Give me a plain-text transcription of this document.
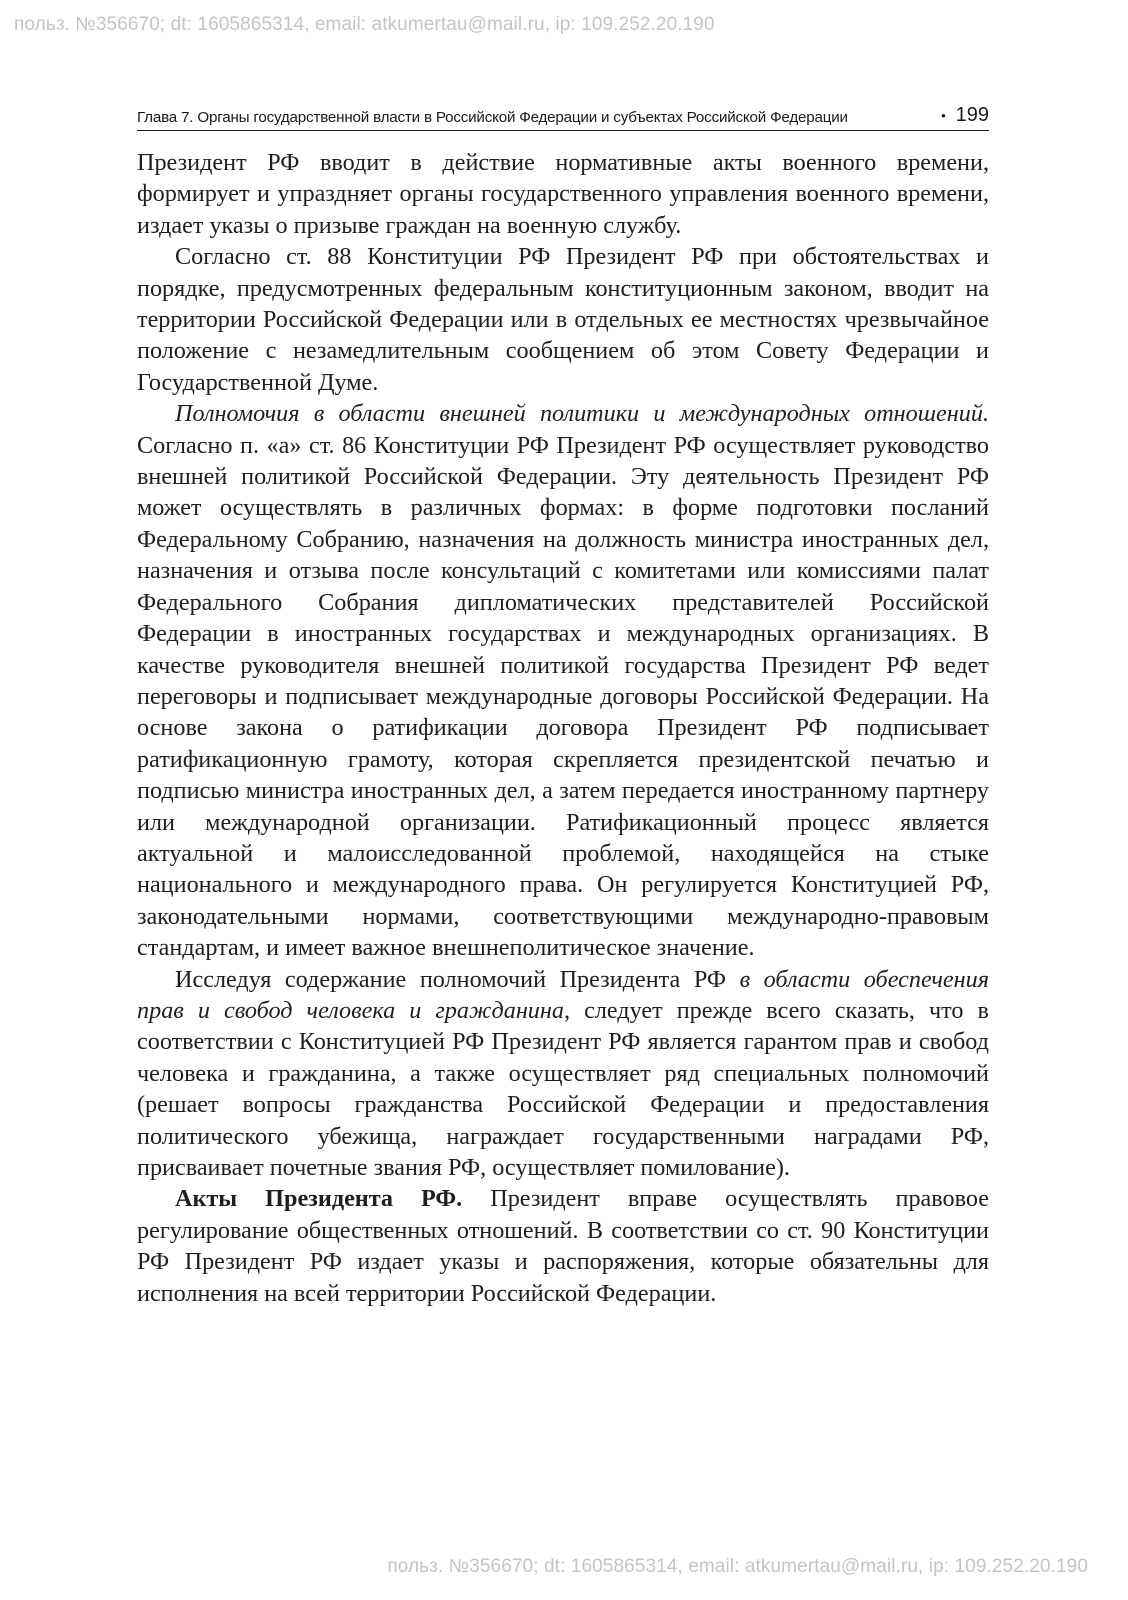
польз. №356670; dt: 1605865314, email: atkumertau@mail.ru, ip: 109.252.20.190
Глава 7. Органы государственной власти в Российской Федерации и субъектах Российской Федерации	• 199

Президент РФ вводит в действие нормативные акты военного времени, формирует и упраздняет органы государственного управления военного времени, издает указы о призыве граждан на военную службу.

Согласно ст. 88 Конституции РФ Президент РФ при обстоятельствах и порядке, предусмотренных федеральным конституционным законом, вводит на территории Российской Федерации или в отдельных ее местностях чрезвычайное положение с незамедлительным сообщением об этом Совету Федерации и Государственной Думе.

Полномочия в области внешней политики и международных отношений. Согласно п. «а» ст. 86 Конституции РФ Президент РФ осуществляет руководство внешней политикой Российской Федерации. Эту деятельность Президент РФ может осуществлять в различных формах: в форме подготовки посланий Федеральному Собранию, назначения на должность министра иностранных дел, назначения и отзыва после консультаций с комитетами или комиссиями палат Федерального Собрания дипломатических представителей Российской Федерации в иностранных государствах и международных организациях. В качестве руководителя внешней политикой государства Президент РФ ведет переговоры и подписывает международные договоры Российской Федерации. На основе закона о ратификации договора Президент РФ подписывает ратификационную грамоту, которая скрепляется президентской печатью и подписью министра иностранных дел, а затем передается иностранному партнеру или международной организации. Ратификационный процесс является актуальной и малоисследованной проблемой, находящейся на стыке национального и международного права. Он регулируется Конституцией РФ, законодательными нормами, соответствующими международно-правовым стандартам, и имеет важное внешнеполитическое значение.

Исследуя содержание полномочий Президента РФ в области обеспечения прав и свобод человека и гражданина, следует прежде всего сказать, что в соответствии с Конституцией РФ Президент РФ является гарантом прав и свобод человека и гражданина, а также осуществляет ряд специальных полномочий (решает вопросы гражданства Российской Федерации и предоставления политического убежища, награждает государственными наградами РФ, присваивает почетные звания РФ, осуществляет помилование).

Акты Президента РФ. Президент вправе осуществлять правовое регулирование общественных отношений. В соответствии со ст. 90 Конституции РФ Президент РФ издает указы и распоряжения, которые обязательны для исполнения на всей территории Российской Федерации.

польз. №356670; dt: 1605865314, email: atkumertau@mail.ru, ip: 109.252.20.190
